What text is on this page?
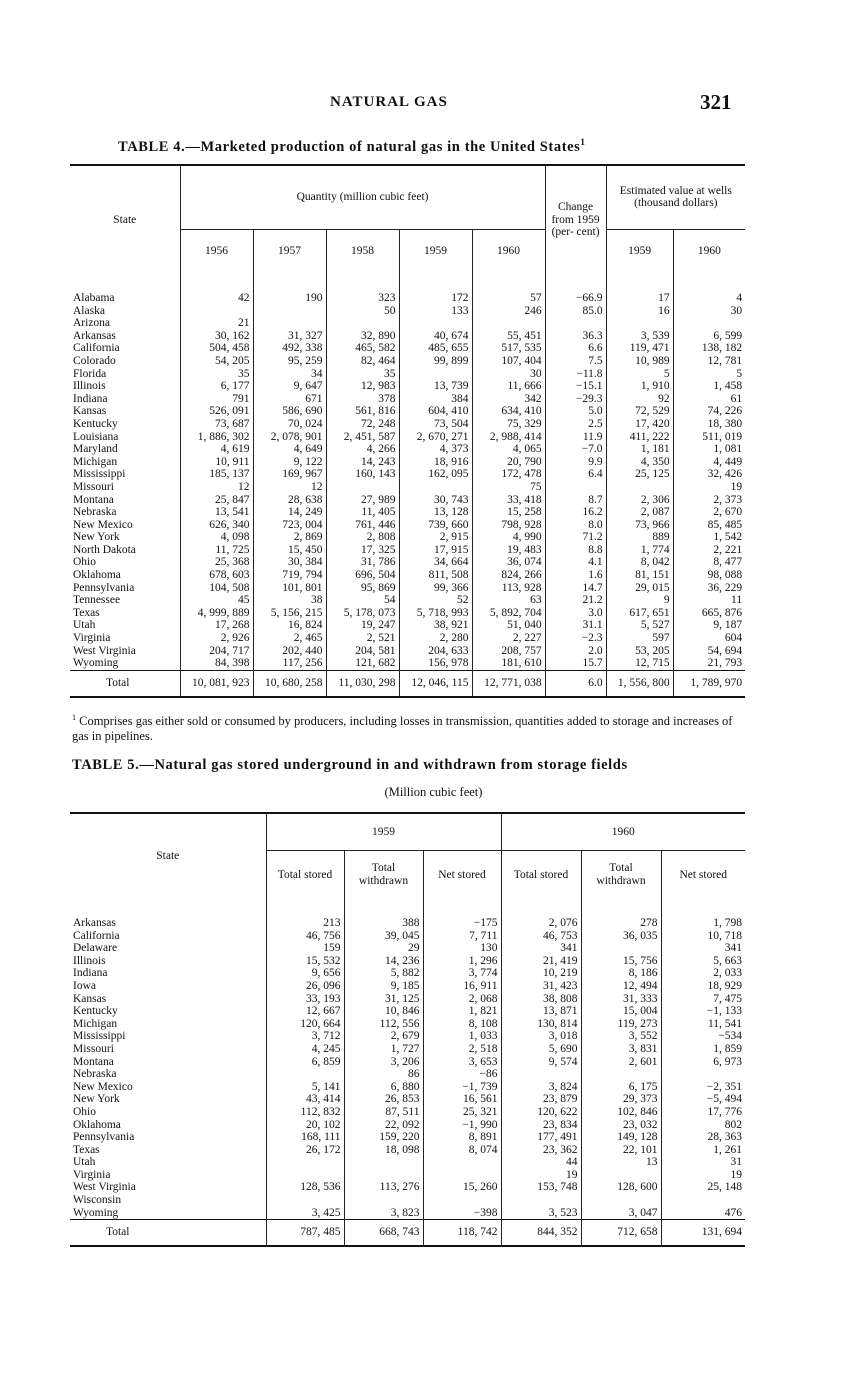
NATURAL GAS	321
TABLE 4.—Marketed production of natural gas in the United States$^1$
State	Quantity (million cubic feet)					Change from 1959 (per- cent)	Estimated value at wells (thousand dollars)	
	1956	1957	1958	1959	1960		1959	1960
Alabama	42	190	323	172	57	−66.9	17	4
Alaska			50	133	246	85.0	16	30
Arizona	21							
Arkansas	30, 162	31, 327	32, 890	40, 674	55, 451	36.3	3, 539	6, 599
California	504, 458	492, 338	465, 582	485, 655	517, 535	6.6	119, 471	138, 182
Colorado	54, 205	95, 259	82, 464	99, 899	107, 404	7.5	10, 989	12, 781
Florida	35	34	35		30	−11.8	5	5
Illinois	6, 177	9, 647	12, 983	13, 739	11, 666	−15.1	1, 910	1, 458
Indiana	791	671	378	384	342	−29.3	92	61
Kansas	526, 091	586, 690	561, 816	604, 410	634, 410	5.0	72, 529	74, 226
Kentucky	73, 687	70, 024	72, 248	73, 504	75, 329	2.5	17, 420	18, 380
Louisiana	1, 886, 302	2, 078, 901	2, 451, 587	2, 670, 271	2, 988, 414	11.9	411, 222	511, 019
Maryland	4, 619	4, 649	4, 266	4, 373	4, 065	−7.0	1, 181	1, 081
Michigan	10, 911	9, 122	14, 243	18, 916	20, 790	9.9	4, 350	4, 449
Mississippi	185, 137	169, 967	160, 143	162, 095	172, 478	6.4	25, 125	32, 426
Missouri	12	12			75			19
Montana	25, 847	28, 638	27, 989	30, 743	33, 418	8.7	2, 306	2, 373
Nebraska	13, 541	14, 249	11, 405	13, 128	15, 258	16.2	2, 087	2, 670
New Mexico	626, 340	723, 004	761, 446	739, 660	798, 928	8.0	73, 966	85, 485
New York	4, 098	2, 869	2, 808	2, 915	4, 990	71.2	889	1, 542
North Dakota	11, 725	15, 450	17, 325	17, 915	19, 483	8.8	1, 774	2, 221
Ohio	25, 368	30, 384	31, 786	34, 664	36, 074	4.1	8, 042	8, 477
Oklahoma	678, 603	719, 794	696, 504	811, 508	824, 266	1.6	81, 151	98, 088
Pennsylvania	104, 508	101, 801	95, 869	99, 366	113, 928	14.7	29, 015	36, 229
Tennessee	45	38	54	52	63	21.2	9	11
Texas	4, 999, 889	5, 156, 215	5, 178, 073	5, 718, 993	5, 892, 704	3.0	617, 651	665, 876
Utah	17, 268	16, 824	19, 247	38, 921	51, 040	31.1	5, 527	9, 187
Virginia	2, 926	2, 465	2, 521	2, 280	2, 227	−2.3	597	604
West Virginia	204, 717	202, 440	204, 581	204, 633	208, 757	2.0	53, 205	54, 694
Wyoming	84, 398	117, 256	121, 682	156, 978	181, 610	15.7	12, 715	21, 793
Total	10, 081, 923	10, 680, 258	11, 030, 298	12, 046, 115	12, 771, 038	6.0	1, 556, 800	1, 789, 970
$^1$ Comprises gas either sold or consumed by producers, including losses in transmission, quantities added to storage and increases of gas in pipelines.
TABLE 5.—Natural gas stored underground in and withdrawn from storage fields
(Million cubic feet)
State	1959			1960		
	Total stored	Total withdrawn	Net stored	Total stored	Total withdrawn	Net stored
Arkansas	213	388	−175	2, 076	278	1, 798
California	46, 756	39, 045	7, 711	46, 753	36, 035	10, 718
Delaware	159	29	130	341		341
Illinois	15, 532	14, 236	1, 296	21, 419	15, 756	5, 663
Indiana	9, 656	5, 882	3, 774	10, 219	8, 186	2, 033
Iowa	26, 096	9, 185	16, 911	31, 423	12, 494	18, 929
Kansas	33, 193	31, 125	2, 068	38, 808	31, 333	7, 475
Kentucky	12, 667	10, 846	1, 821	13, 871	15, 004	−1, 133
Michigan	120, 664	112, 556	8, 108	130, 814	119, 273	11, 541
Mississippi	3, 712	2, 679	1, 033	3, 018	3, 552	−534
Missouri	4, 245	1, 727	2, 518	5, 690	3, 831	1, 859
Montana	6, 859	3, 206	3, 653	9, 574	2, 601	6, 973
Nebraska		86	−86			
New Mexico	5, 141	6, 880	−1, 739	3, 824	6, 175	−2, 351
New York	43, 414	26, 853	16, 561	23, 879	29, 373	−5, 494
Ohio	112, 832	87, 511	25, 321	120, 622	102, 846	17, 776
Oklahoma	20, 102	22, 092	−1, 990	23, 834	23, 032	802
Pennsylvania	168, 111	159, 220	8, 891	177, 491	149, 128	28, 363
Texas	26, 172	18, 098	8, 074	23, 362	22, 101	1, 261
Utah				44	13	31
Virginia				19		19
West Virginia	128, 536	113, 276	15, 260	153, 748	128, 600	25, 148
Wisconsin						
Wyoming	3, 425	3, 823	−398	3, 523	3, 047	476
Total	787, 485	668, 743	118, 742	844, 352	712, 658	131, 694
